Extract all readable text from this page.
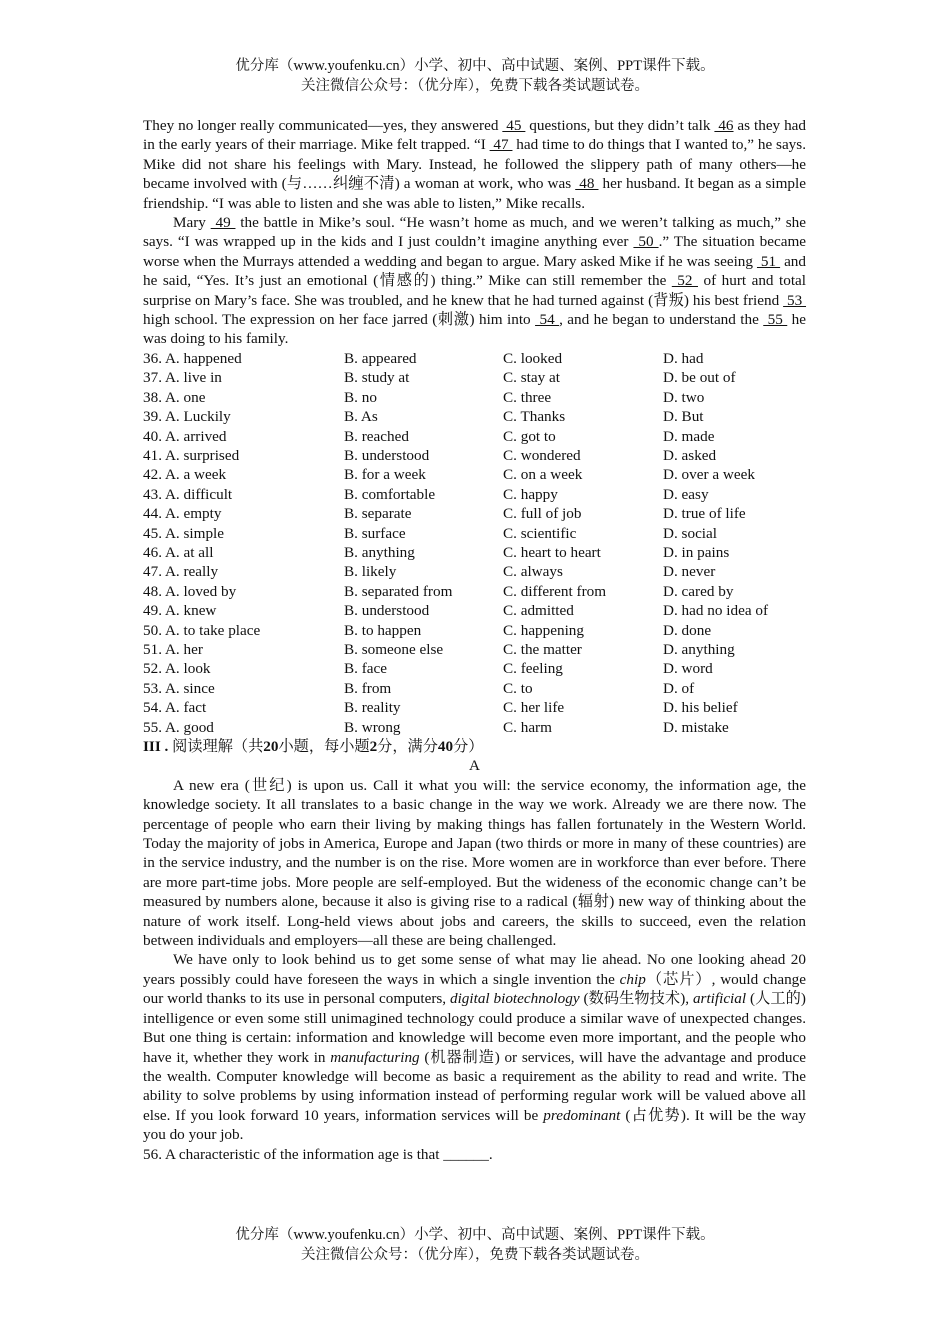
优分库（www.youfenku.cn）小学、初中、高中试题、案例、PPT课件下载。
关注微信公众号：（优分库），免费下载各类试题试卷。

They no longer really communicated—yes, they answered  45  questions, but they didn’t talk  46 as they had in the early years of their marriage. Mike felt trapped. “I  47  had time to do things that I wanted to,” he says. Mike did not share his feelings with Mary. Instead, he followed the slippery path of many others—he became involved with (与……纠缠不清) a woman at work, who was  48  her husband. It began as a simple friendship. “I was able to listen and she was able to listen,” Mike recalls.

Mary  49  the battle in Mike’s soul. “He wasn’t home as much, and we weren’t talking as much,” she says. “I was wrapped up in the kids and I just couldn’t imagine anything ever  50 .” The situation became worse when the Murrays attended a wedding and began to argue. Mary asked Mike if he was seeing  51  and he said, “Yes. It’s just an emotional (情感的) thing.” Mike can still remember the  52  of hurt and total surprise on Mary’s face. She was troubled, and he knew that he had turned against (背叛) his best friend  53  high school. The expression on her face jarred (刺激) him into  54 , and he began to understand the  55  he was doing to his family.

36. A. happened	B. appeared	C. looked	D. had
37. A. live in	B. study at	C. stay at	D. be out of
38. A. one	B. no	C. three	D. two
39. A. Luckily	B. As	C. Thanks	D. But
40. A. arrived	B. reached	C. got to	D. made
41. A. surprised	B. understood	C. wondered	D. asked
42. A. a week	B. for a week	C. on a week	D. over a week
43. A. difficult	B. comfortable	C. happy	D. easy
44. A. empty	B. separate	C. full of job	D. true of life
45. A. simple	B. surface	C. scientific	D. social
46. A. at all	B. anything	C. heart to heart	D. in pains
47. A. really	B. likely	C. always	D. never
48. A. loved by	B. separated from	C. different from	D. cared by
49. A. knew	B. understood	C. admitted	D. had no idea of
50. A. to take place	B. to happen	C. happening	D. done
51. A. her	B. someone else	C. the matter	D. anything
52. A. look	B. face	C. feeling	D. word
53. A. since	B. from	C. to	D. of
54. A. fact	B. reality	C. her life	D. his belief
55. A. good	B. wrong	C. harm	D. mistake

III . 阅读理解（共20小题，每小题2分，满分40分）

A

A new era (世纪) is upon us. Call it what you will: the service economy, the information age, the knowledge society. It all translates to a basic change in the way we work. Already we are there now. The percentage of people who earn their living by making things has fallen fortunately in the Western World. Today the majority of jobs in America, Europe and Japan (two thirds or more in many of these countries) are in the service industry, and the number is on the rise. More women are in workforce than ever before. There are more part-time jobs. More people are self-employed. But the wideness of the economic change can’t be measured by numbers alone, because it also is giving rise to a radical (辐射) new way of thinking about the nature of work itself. Long-held views about jobs and careers, the skills to succeed, even the relation between individuals and employers—all these are being challenged.

We have only to look behind us to get some sense of what may lie ahead. No one looking ahead 20 years possibly could have foreseen the ways in which a single invention the chip（芯片）, would change our world thanks to its use in personal computers, digital biotechnology (数码生物技术), artificial (人工的) intelligence or even some still unimagined technology could produce a similar wave of unexpected changes. But one thing is certain: information and knowledge will become even more important, and the people who have it, whether they work in manufacturing (机器制造) or services, will have the advantage and produce the wealth. Computer knowledge will become as basic a requirement as the ability to read and write. The ability to solve problems by using information instead of performing regular work will be valued above all else. If you look forward 10 years, information services will be predominant (占优势). It will be the way you do your job.

56. A characteristic of the information age is that ______.

优分库（www.youfenku.cn）小学、初中、高中试题、案例、PPT课件下载。
关注微信公众号：（优分库），免费下载各类试题试卷。
